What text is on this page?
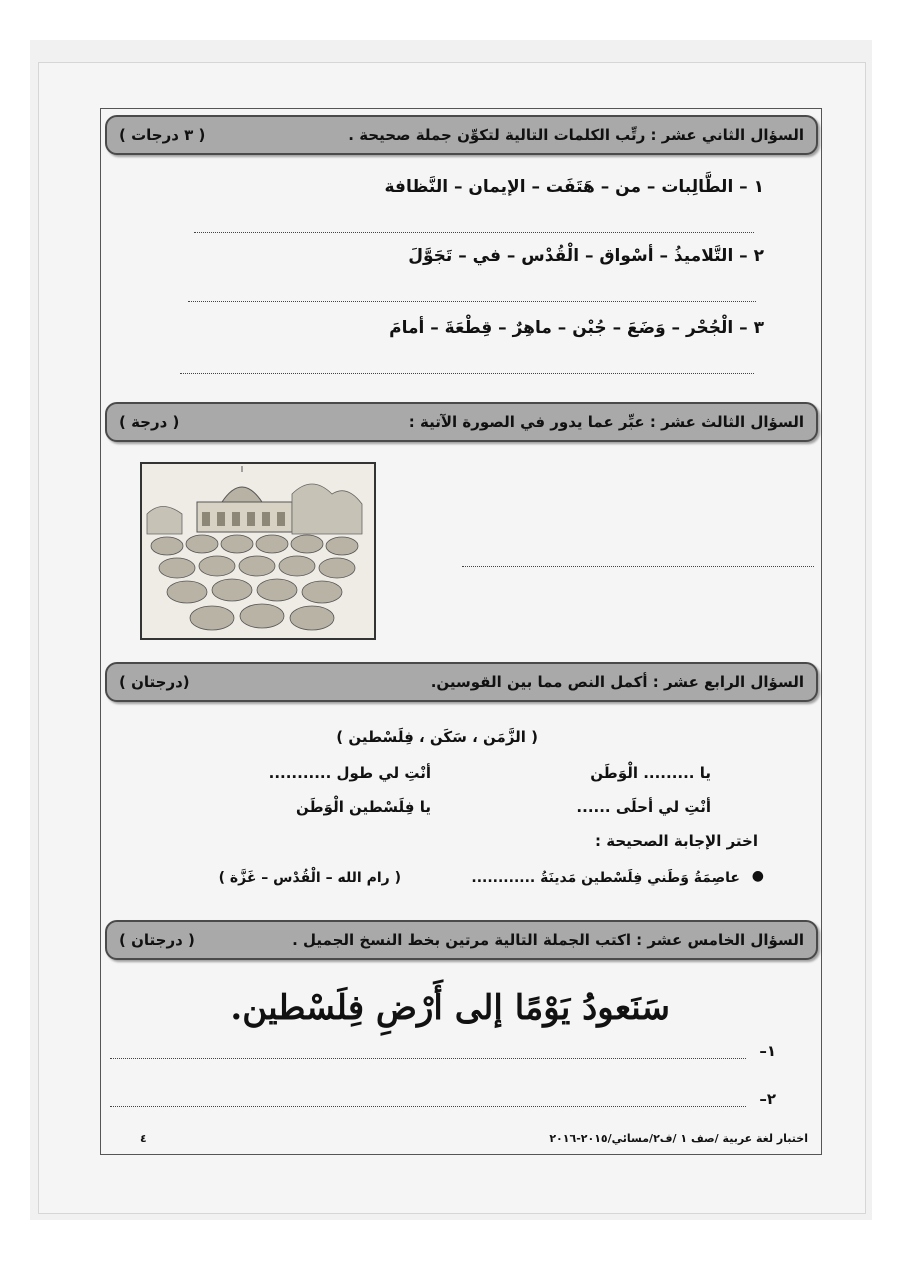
السؤال الثاني عشر : رتِّب الكلمات التالية لتكوِّن جملة صحيحة .
( ٣ درجات )
١ – الطَّالِبات – من – هَتَفَت – الإيمان – النَّظافة
٢ – التَّلاميذُ – أسْواق – الْقُدْس – في – تَجَوَّلَ
٣ – الْجُحْر – وَضَعَ – جُبْن – ماهِرٌ – قِطْعَةَ – أمامَ
السؤال الثالث عشر : عبِّر عما يدور في الصورة الآتية :
( درجة )
السؤال الرابع عشر : أكمل النص مما بين القوسين.
(درجتان )
( الزَّمَن ، سَكَن ، فِلَسْطين )
يا ......... الْوَطَن
أنْتِ لي طول ...........
أنْتِ لي أحلَى ......
يا فِلَسْطين الْوَطَن
اختر الإجابة الصحيحة :
●
عاصِمَةُ وَطَني فِلَسْطين مَدينَةُ ............
( رام الله – الْقُدْس – غَزَّة )
السؤال الخامس عشر : اكتب الجملة التالية مرتين بخط النسخ الجميل .
( درجتان )
سَنَعودُ يَوْمًا إلى أَرْضِ فِلَسْطين.
١–
٢–
اختبار لغة عربية /صف ١ /ف٢/مسائي/٢٠١٥-٢٠١٦
٤
